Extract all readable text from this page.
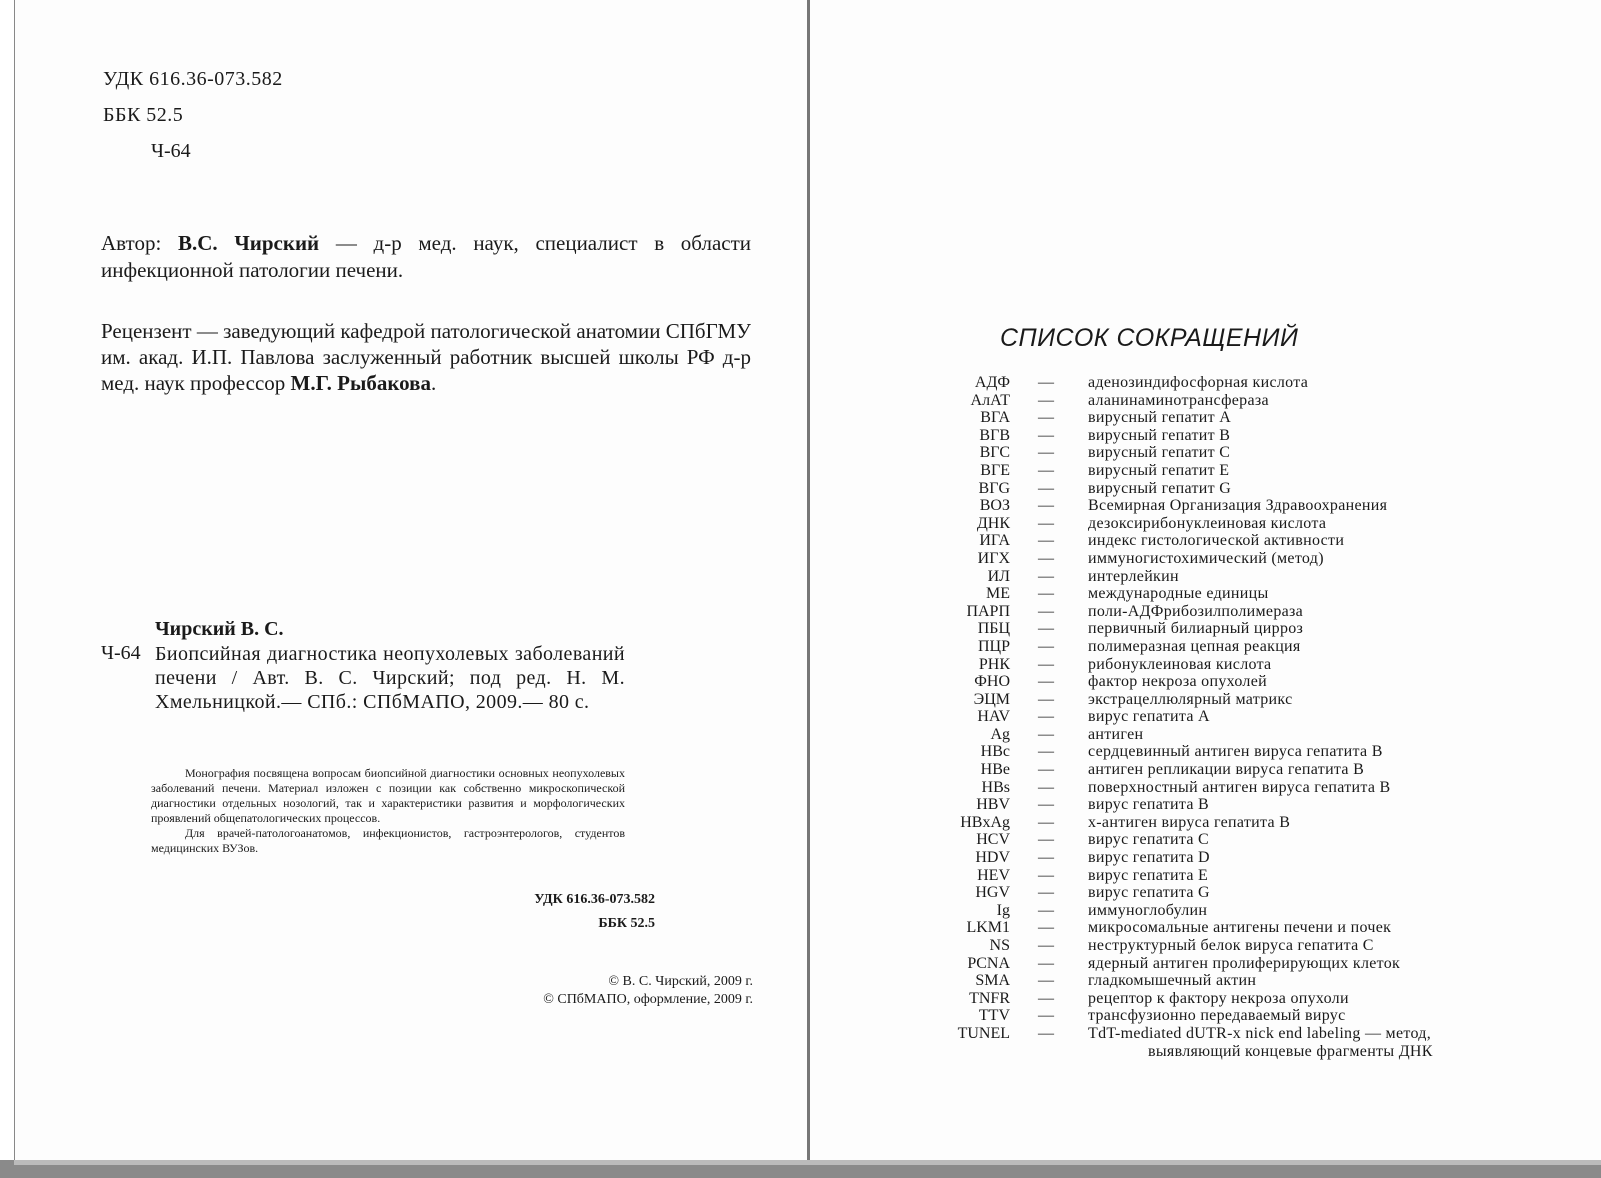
УДК 616.36-073.582
ББК 52.5
Ч-64
Автор: В.С. Чирский — д-р мед. наук, специалист в области инфекционной патологии печени.
Рецензент — заведующий кафедрой патологической анатомии СПбГМУ им. акад. И.П. Павлова заслуженный работник высшей школы РФ д-р мед. наук профессор М.Г. Рыбакова.
Чирский В. С.
Ч-64 Биопсийная диагностика неопухолевых заболеваний печени / Авт. В. С. Чирский; под ред. Н. М. Хмельницкой.— СПб.: СПбМАПО, 2009.— 80 с.

Монография посвящена вопросам биопсийной диагностики основных неопухолевых заболеваний печени. Материал изложен с позиции как собственно микроскопической диагностики отдельных нозологий, так и характеристики развития и морфологических проявлений общепатологических процессов.

Для врачей-патологоанатомов, инфекционистов, гастроэнтерологов, студентов медицинских ВУЗов.

УДК 616.36-073.582
ББК 52.5
© В. С. Чирский, 2009 г.
© СПбМАПО, оформление, 2009 г.
СПИСОК СОКРАЩЕНИЙ
АДФ — аденозиндифосфорная кислота
АлАТ — аланинаминотрансфераза
ВГА — вирусный гепатит А
ВГВ — вирусный гепатит В
ВГС — вирусный гепатит С
ВГЕ — вирусный гепатит Е
ВГG — вирусный гепатит G
ВОЗ — Всемирная Организация Здравоохранения
ДНК — дезоксирибонуклеиновая кислота
ИГА — индекс гистологической активности
ИГХ — иммуногистохимический (метод)
ИЛ — интерлейкин
МЕ — международные единицы
ПАРП — поли-АДФрибозилполимераза
ПБЦ — первичный билиарный цирроз
ПЦР — полимеразная цепная реакция
РНК — рибонуклеиновая кислота
ФНО — фактор некроза опухолей
ЭЦМ — экстрацеллюлярный матрикс
HAV — вирус гепатита А
Ag — антиген
HBc — сердцевинный антиген вируса гепатита В
HBe — антиген репликации вируса гепатита В
HBs — поверхностный антиген вируса гепатита В
HBV — вирус гепатита В
HBxAg — х-антиген вируса гепатита В
HCV — вирус гепатита С
HDV — вирус гепатита D
HEV — вирус гепатита Е
HGV — вирус гепатита G
Ig — иммуноглобулин
LKM1 — микросомальные антигены печени и почек
NS — неструктурный белок вируса гепатита С
PCNA — ядерный антиген пролиферирующих клеток
SMA — гладкомышечный актин
TNFR — рецептор к фактору некроза опухоли
TTV — трансфузионно передаваемый вирус
TUNEL — TdT-mediated dUTR-x nick end labeling — метод,
выявляющий концевые фрагменты ДНК
